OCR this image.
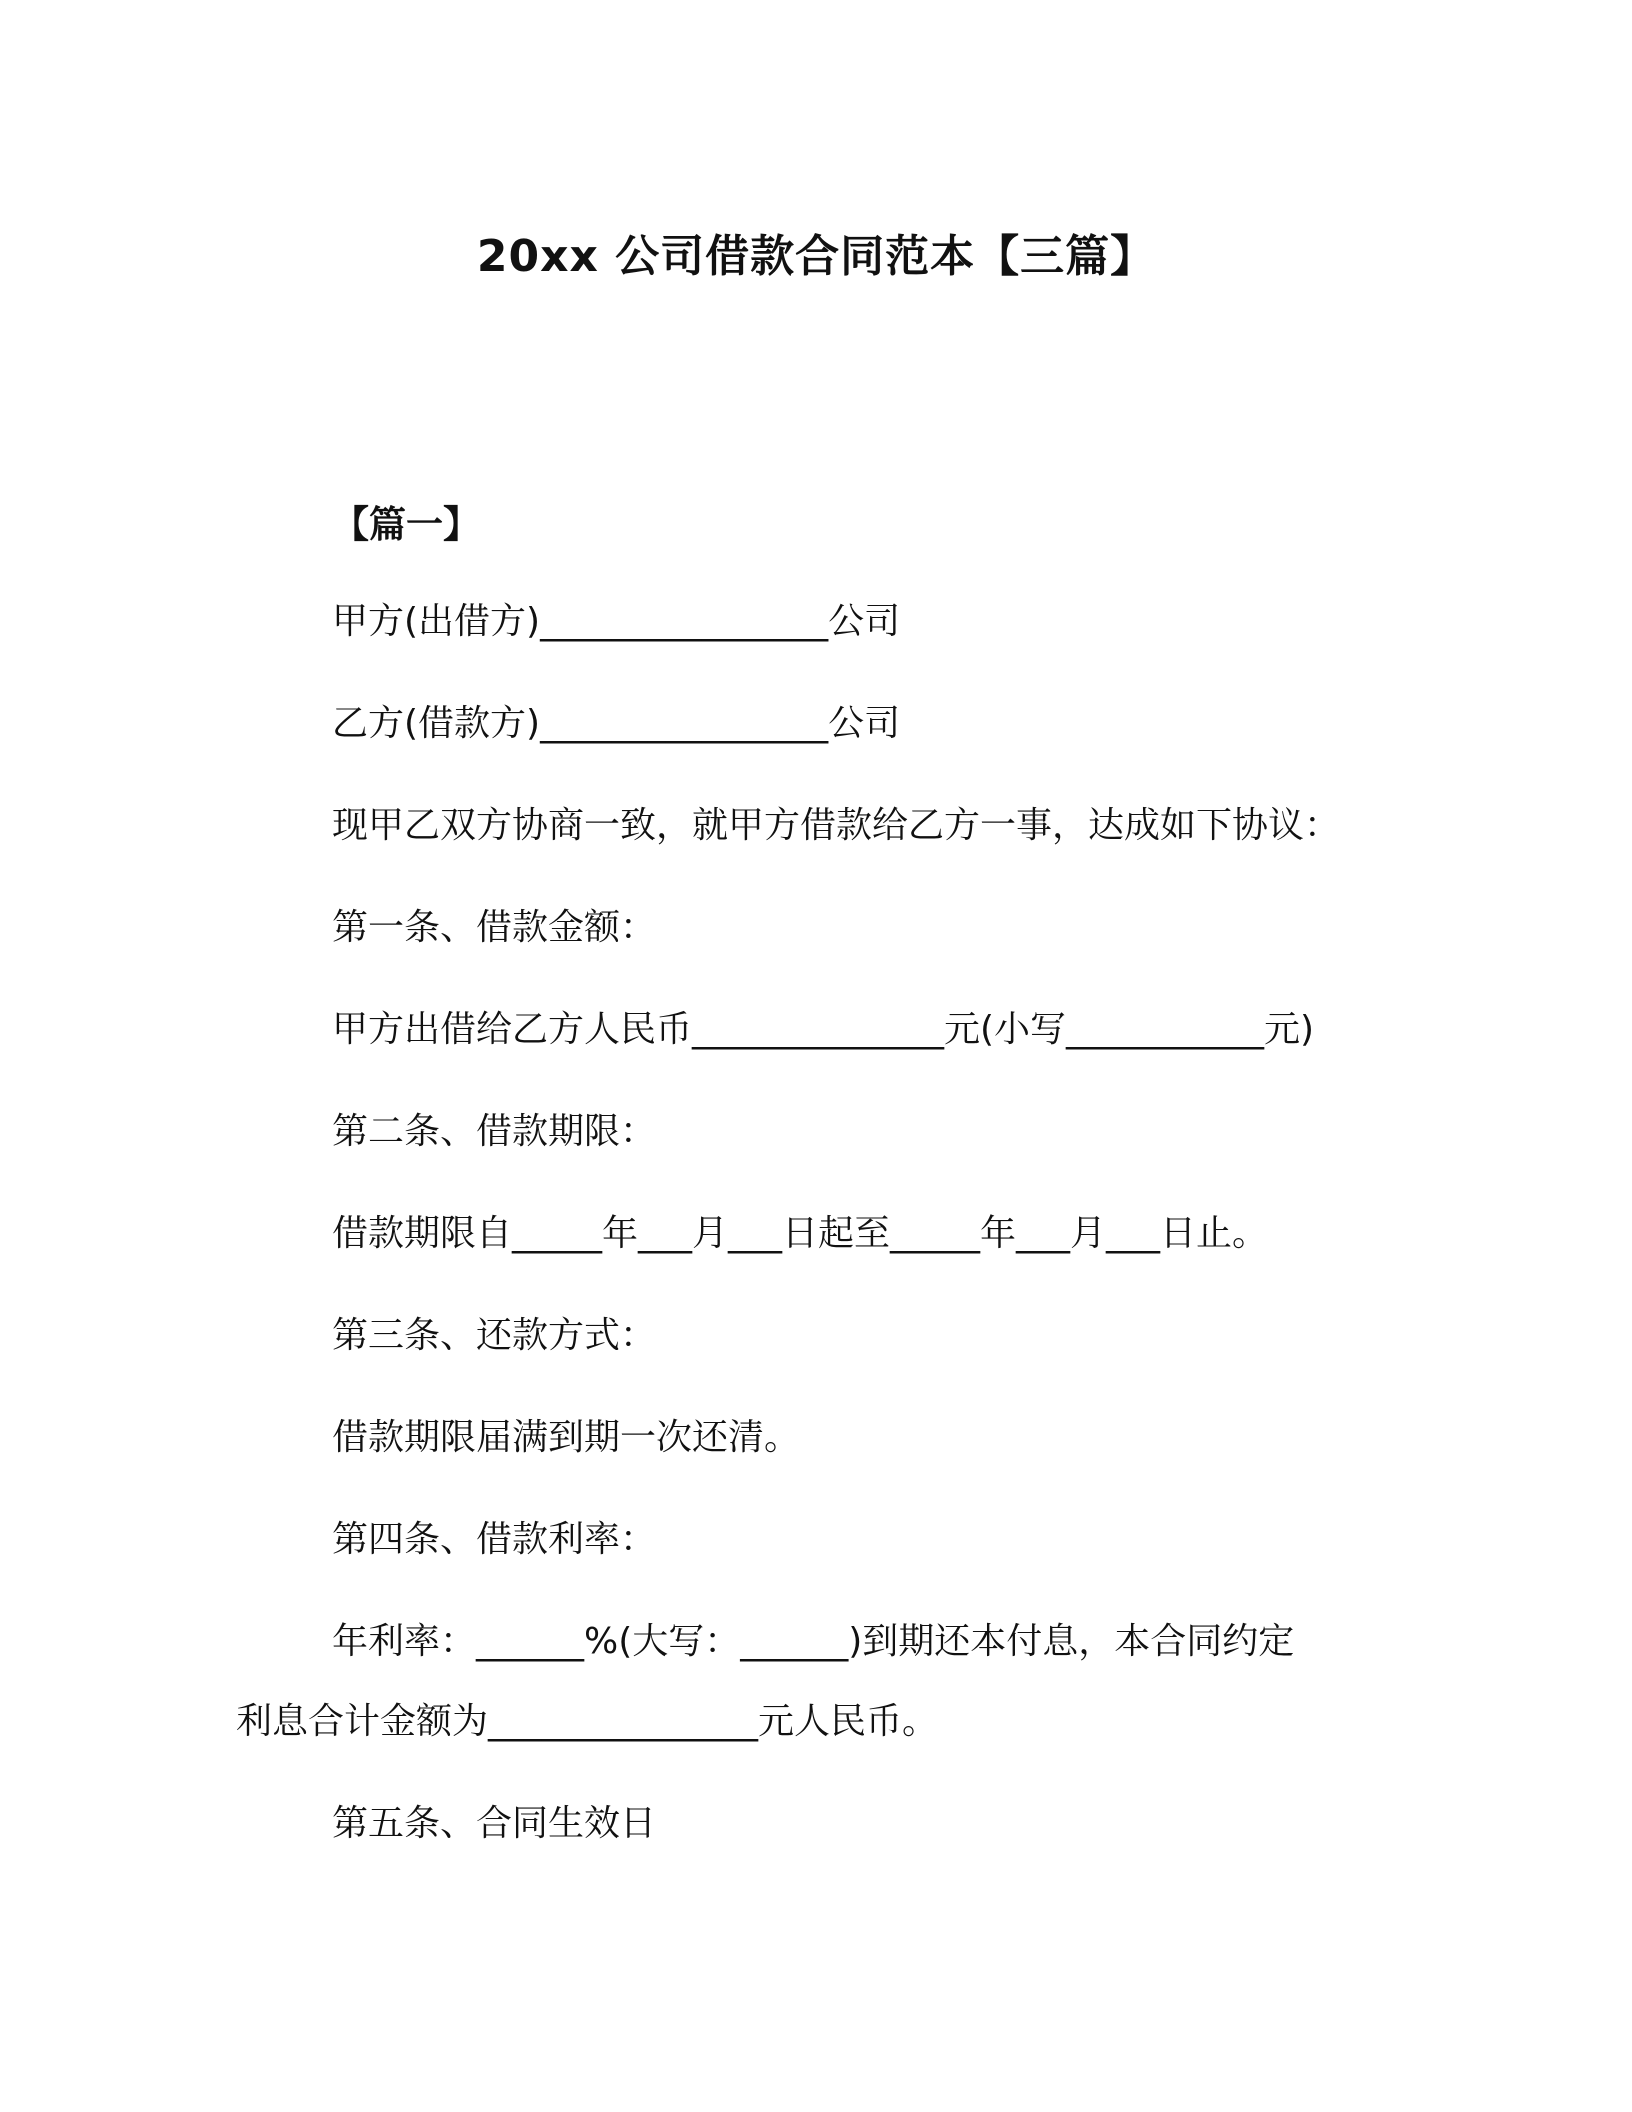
20xx 公司借款合同范本【三篇】
【篇一】
甲方(出借方)________________公司
乙方(借款方)________________公司
现甲乙双方协商一致，就甲方借款给乙方一事，达成如下协议：
第一条、借款金额：
甲方出借给乙方人民币______________元(小写___________元)
第二条、借款期限：
借款期限自_____年___月___日起至_____年___月___日止。
第三条、还款方式：
借款期限届满到期一次还清。
第四条、借款利率：
年利率：______%(大写：______)到期还本付息，本合同约定
利息合计金额为_______________元人民币。
第五条、合同生效日
